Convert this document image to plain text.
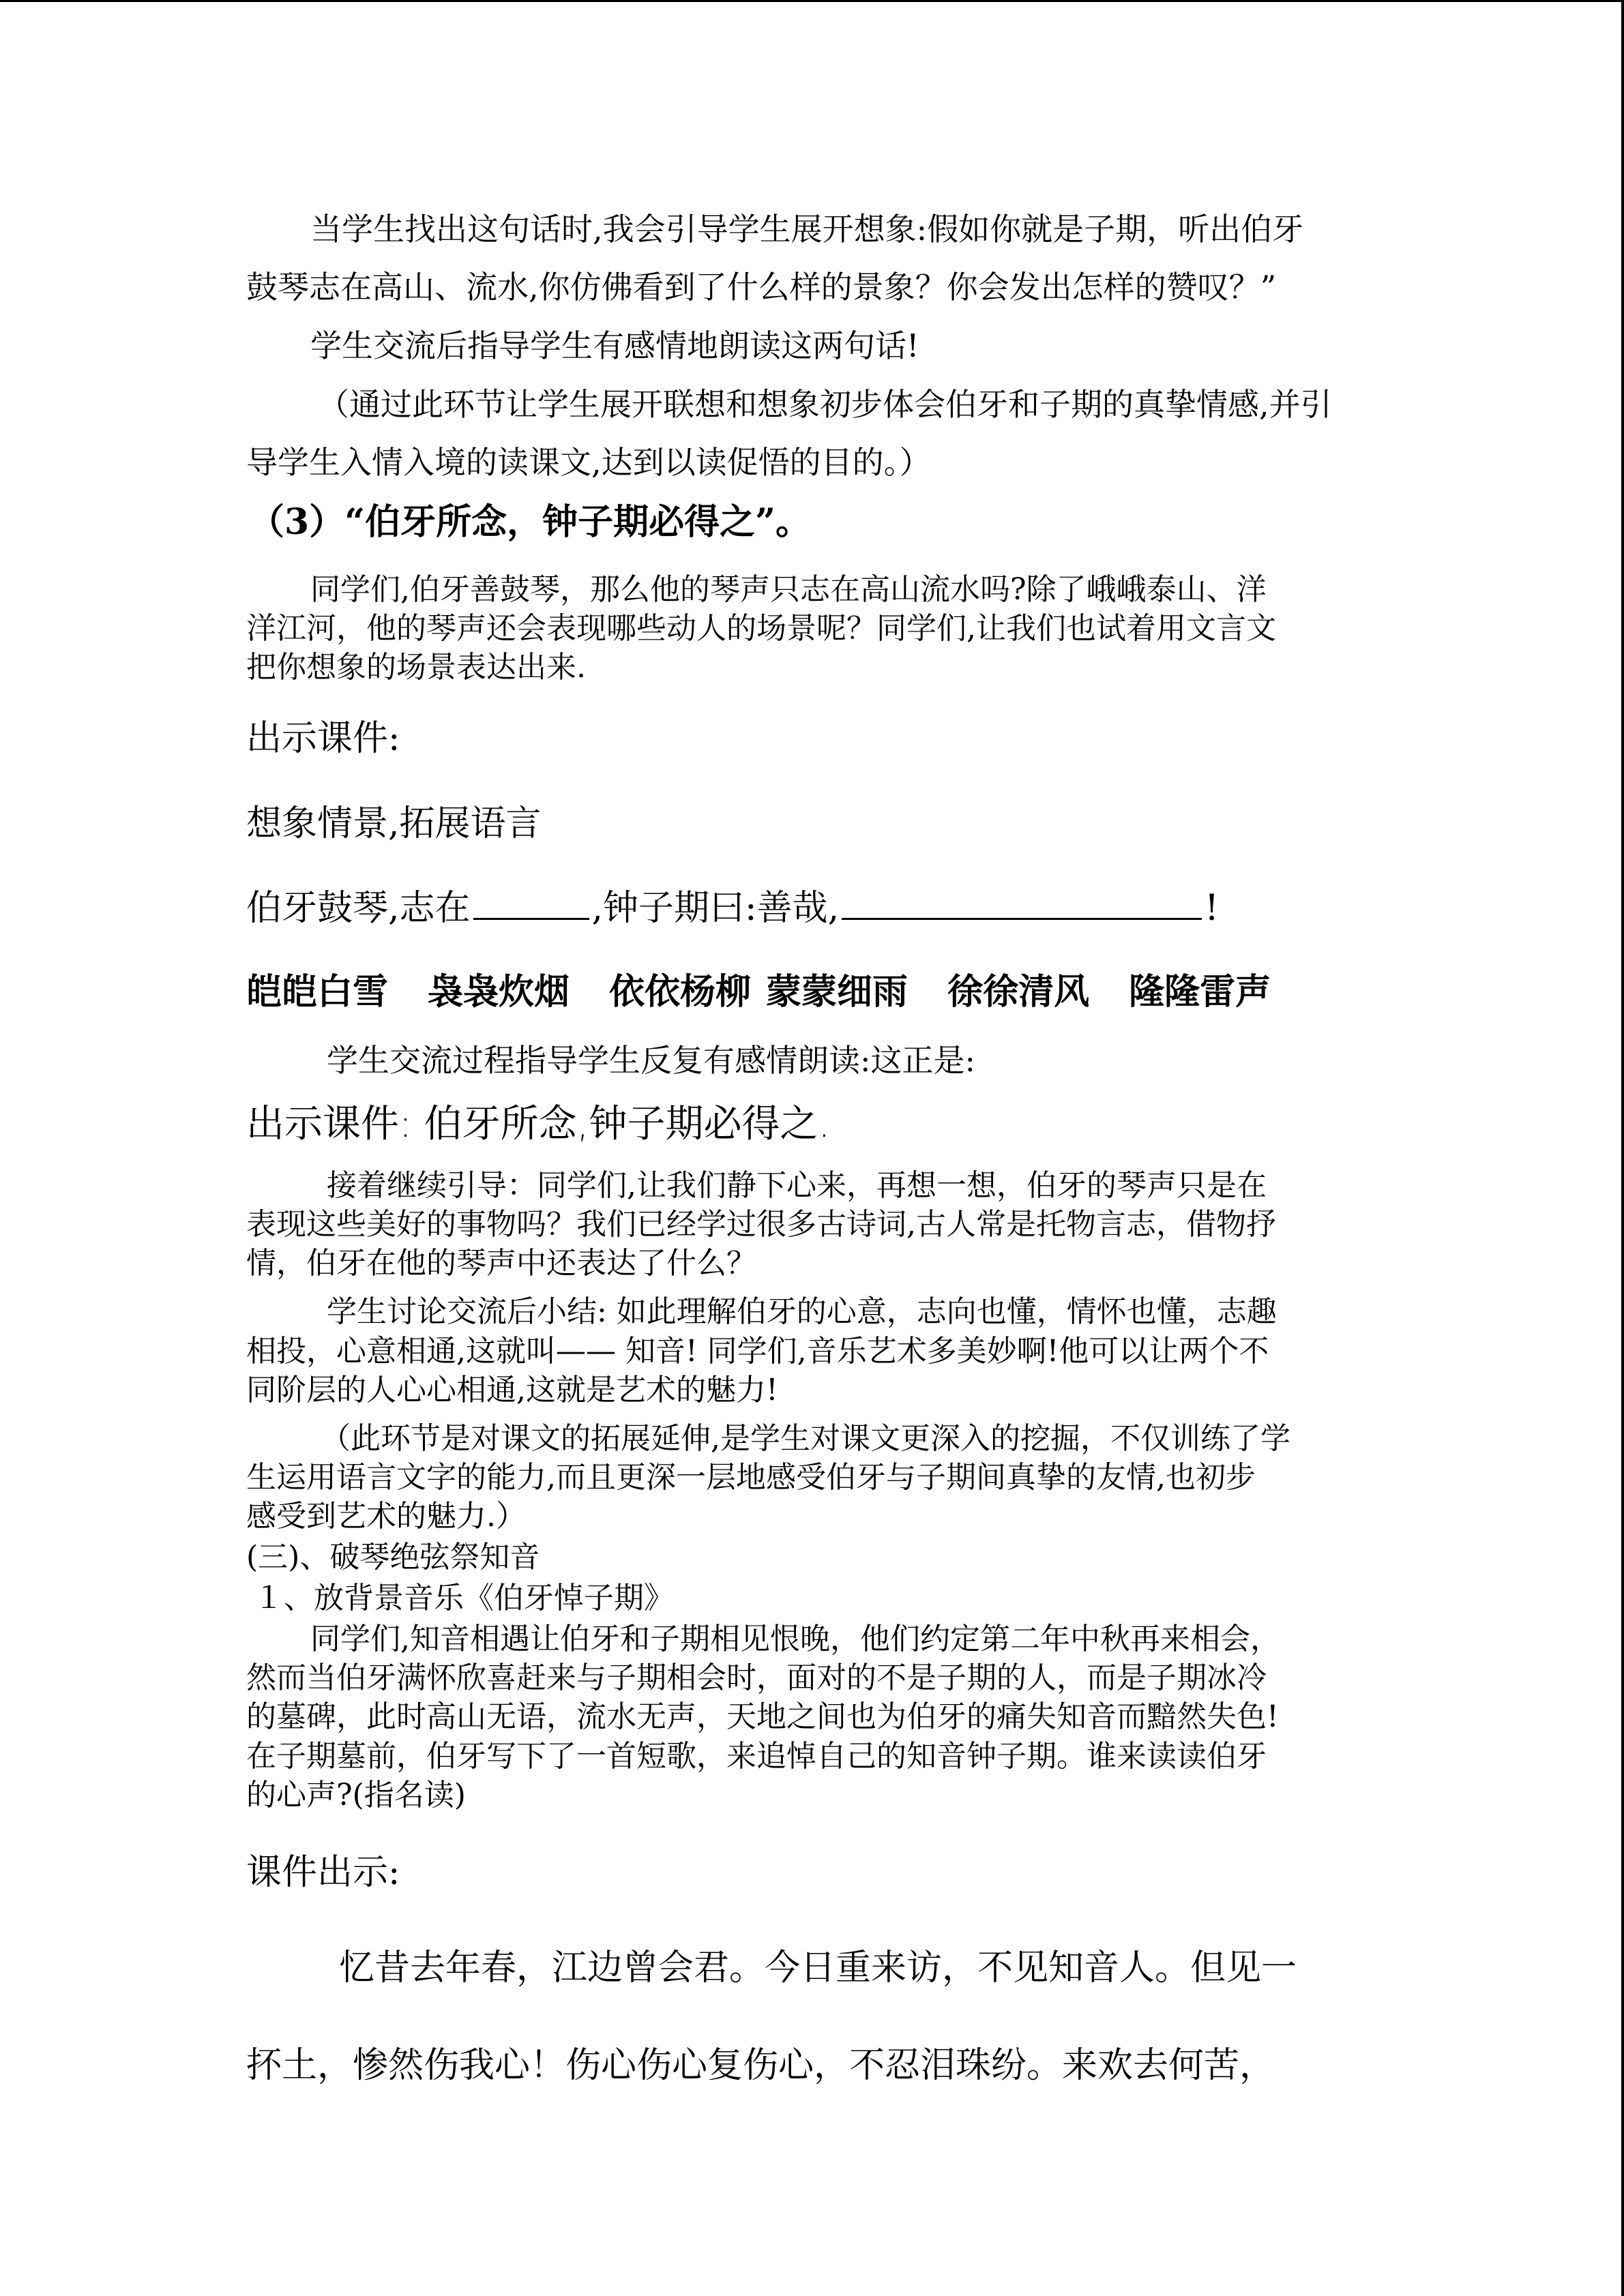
当学生找出这句话时,我会引导学生展开想象:假如你就是子期，听出伯牙

鼓琴志在高山、流水,你仿佛看到了什么样的景象？你会发出怎样的赞叹？”

学生交流后指导学生有感情地朗读这两句话!

（通过此环节让学生展开联想和想象初步体会伯牙和子期的真挚情感,并引

导学生入情入境的读课文,达到以读促悟的目的。）

（3）“伯牙所念，钟子期必得之”。

同学们,伯牙善鼓琴，那么他的琴声只志在高山流水吗?除了峨峨泰山、洋

洋江河，他的琴声还会表现哪些动人的场景呢？同学们,让我们也试着用文言文

把你想象的场景表达出来.

出示课件:

想象情景,拓展语言

伯牙鼓琴,志在	,钟子期曰:善哉,	!

皑皑白雪 袅袅炊烟 依依杨柳 蒙蒙细雨 徐徐清风 隆隆雷声

学生交流过程指导学生反复有感情朗读:这正是:

出示课件: 伯牙所念,钟子期必得之.

接着继续引导：同学们,让我们静下心来，再想一想，伯牙的琴声只是在

表现这些美好的事物吗？我们已经学过很多古诗词,古人常是托物言志，借物抒

情，伯牙在他的琴声中还表达了什么？

学生讨论交流后小结: 如此理解伯牙的心意，志向也懂，情怀也懂，志趣

相投，心意相通,这就叫—— 知音! 同学们,音乐艺术多美妙啊!他可以让两个不

同阶层的人心心相通,这就是艺术的魅力!

（此环节是对课文的拓展延伸,是学生对课文更深入的挖掘，不仅训练了学

生运用语言文字的能力,而且更深一层地感受伯牙与子期间真挚的友情,也初步

感受到艺术的魅力.）

(三)、破琴绝弦祭知音

１、放背景音乐《伯牙悼子期》

同学们,知音相遇让伯牙和子期相见恨晚，他们约定第二年中秋再来相会，

然而当伯牙满怀欣喜赶来与子期相会时，面对的不是子期的人，而是子期冰冷

的墓碑，此时高山无语，流水无声，天地之间也为伯牙的痛失知音而黯然失色!

在子期墓前，伯牙写下了一首短歌，来追悼自己的知音钟子期。谁来读读伯牙

的心声?(指名读)

课件出示:

忆昔去年春，江边曾会君。今日重来访，不见知音人。但见一

抔土，惨然伤我心！伤心伤心复伤心，不忍泪珠纷。来欢去何苦，
